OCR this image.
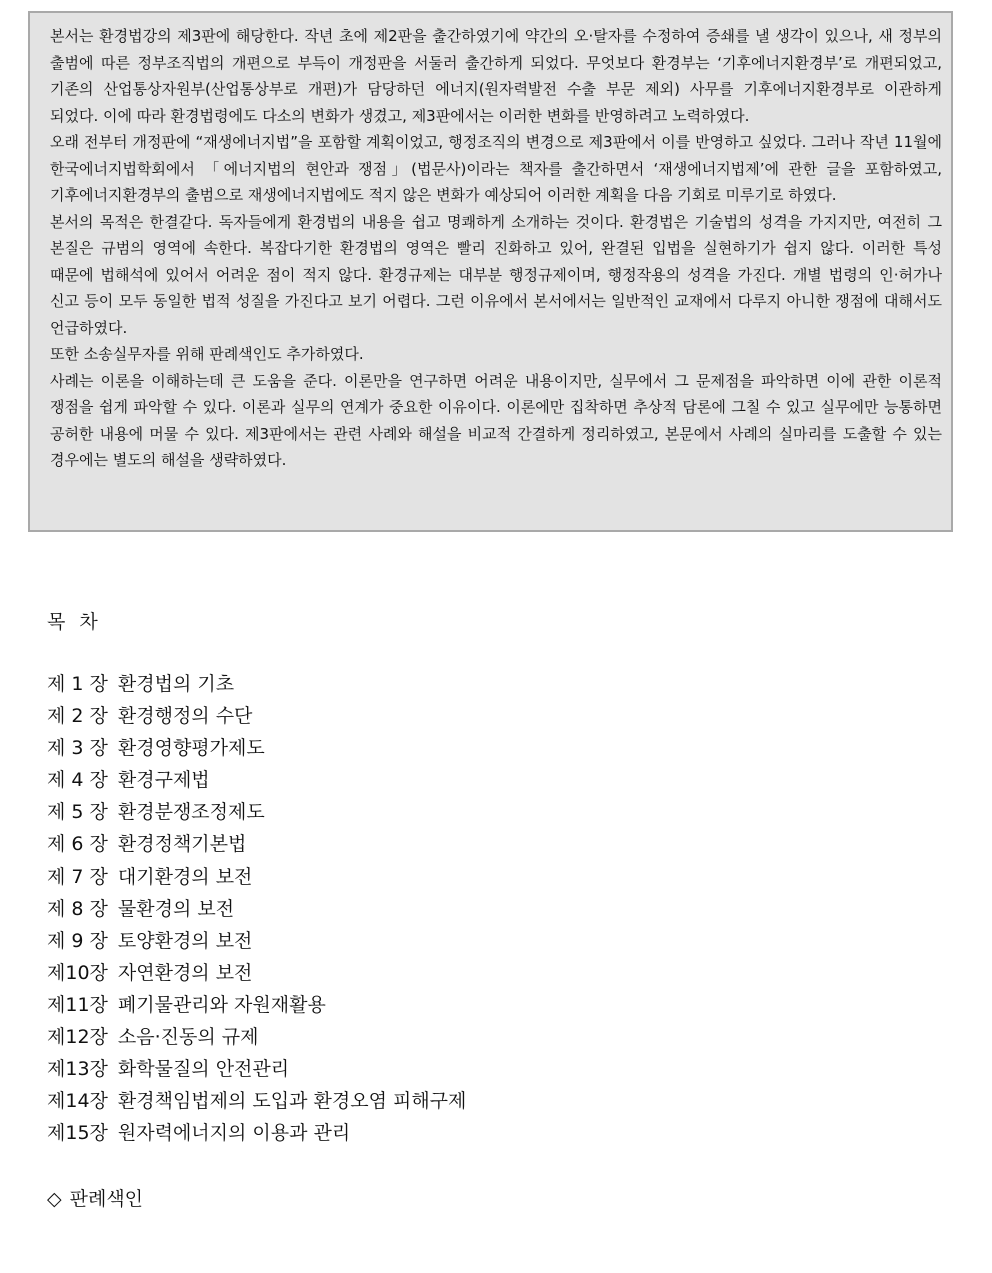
본서는 환경법강의 제3판에 해당한다. 작년 초에 제2판을 출간하였기에 약간의 오·탈자를 수정하여 증쇄를 낼 생각이 있으나, 새 정부의 출범에 따른 정부조직법의 개편으로 부득이 개정판을 서둘러 출간하게 되었다. 무엇보다 환경부는 ‘기후에너지환경부’로 개편되었고, 기존의 산업통상자원부(산업통상부로 개편)가 담당하던 에너지(원자력발전 수출 부문 제외) 사무를 기후에너지환경부로 이관하게 되었다. 이에 따라 환경법령에도 다소의 변화가 생겼고, 제3판에서는 이러한 변화를 반영하려고 노력하였다.

오래 전부터 개정판에 “재생에너지법”을 포함할 계획이었고, 행정조직의 변경으로 제3판에서 이를 반영하고 싶었다. 그러나 작년 11월에 한국에너지법학회에서 「에너지법의 현안과 쟁점」(법문사)이라는 책자를 출간하면서 ‘재생에너지법제’에 관한 글을 포함하였고, 기후에너지환경부의 출범으로 재생에너지법에도 적지 않은 변화가 예상되어 이러한 계획을 다음 기회로 미루기로 하였다.

본서의 목적은 한결같다. 독자들에게 환경법의 내용을 쉽고 명쾌하게 소개하는 것이다. 환경법은 기술법의 성격을 가지지만, 여전히 그 본질은 규범의 영역에 속한다. 복잡다기한 환경법의 영역은 빨리 진화하고 있어, 완결된 입법을 실현하기가 쉽지 않다. 이러한 특성 때문에 법해석에 있어서 어려운 점이 적지 않다. 환경규제는 대부분 행정규제이며, 행정작용의 성격을 가진다. 개별 법령의 인·허가나 신고 등이 모두 동일한 법적 성질을 가진다고 보기 어렵다. 그런 이유에서 본서에서는 일반적인 교재에서 다루지 아니한 쟁점에 대해서도 언급하였다.

또한 소송실무자를 위해 판례색인도 추가하였다.

사례는 이론을 이해하는데 큰 도움을 준다. 이론만을 연구하면 어려운 내용이지만, 실무에서 그 문제점을 파악하면 이에 관한 이론적 쟁점을 쉽게 파악할 수 있다. 이론과 실무의 연계가 중요한 이유이다. 이론에만 집착하면 추상적 담론에 그칠 수 있고 실무에만 능통하면 공허한 내용에 머물 수 있다. 제3판에서는 관련 사례와 해설을 비교적 간결하게 정리하였고, 본문에서 사례의 실마리를 도출할 수 있는 경우에는 별도의 해설을 생략하였다.

목 차
제 1 장 환경법의 기초
제 2 장 환경행정의 수단
제 3 장 환경영향평가제도
제 4 장 환경구제법
제 5 장 환경분쟁조정제도
제 6 장 환경정책기본법
제 7 장 대기환경의 보전
제 8 장 물환경의 보전
제 9 장 토양환경의 보전
제10장 자연환경의 보전
제11장 폐기물관리와 자원재활용
제12장 소음·진동의 규제
제13장 화학물질의 안전관리
제14장 환경책임법제의 도입과 환경오염 피해구제
제15장 원자력에너지의 이용과 관리
◇ 판례색인
